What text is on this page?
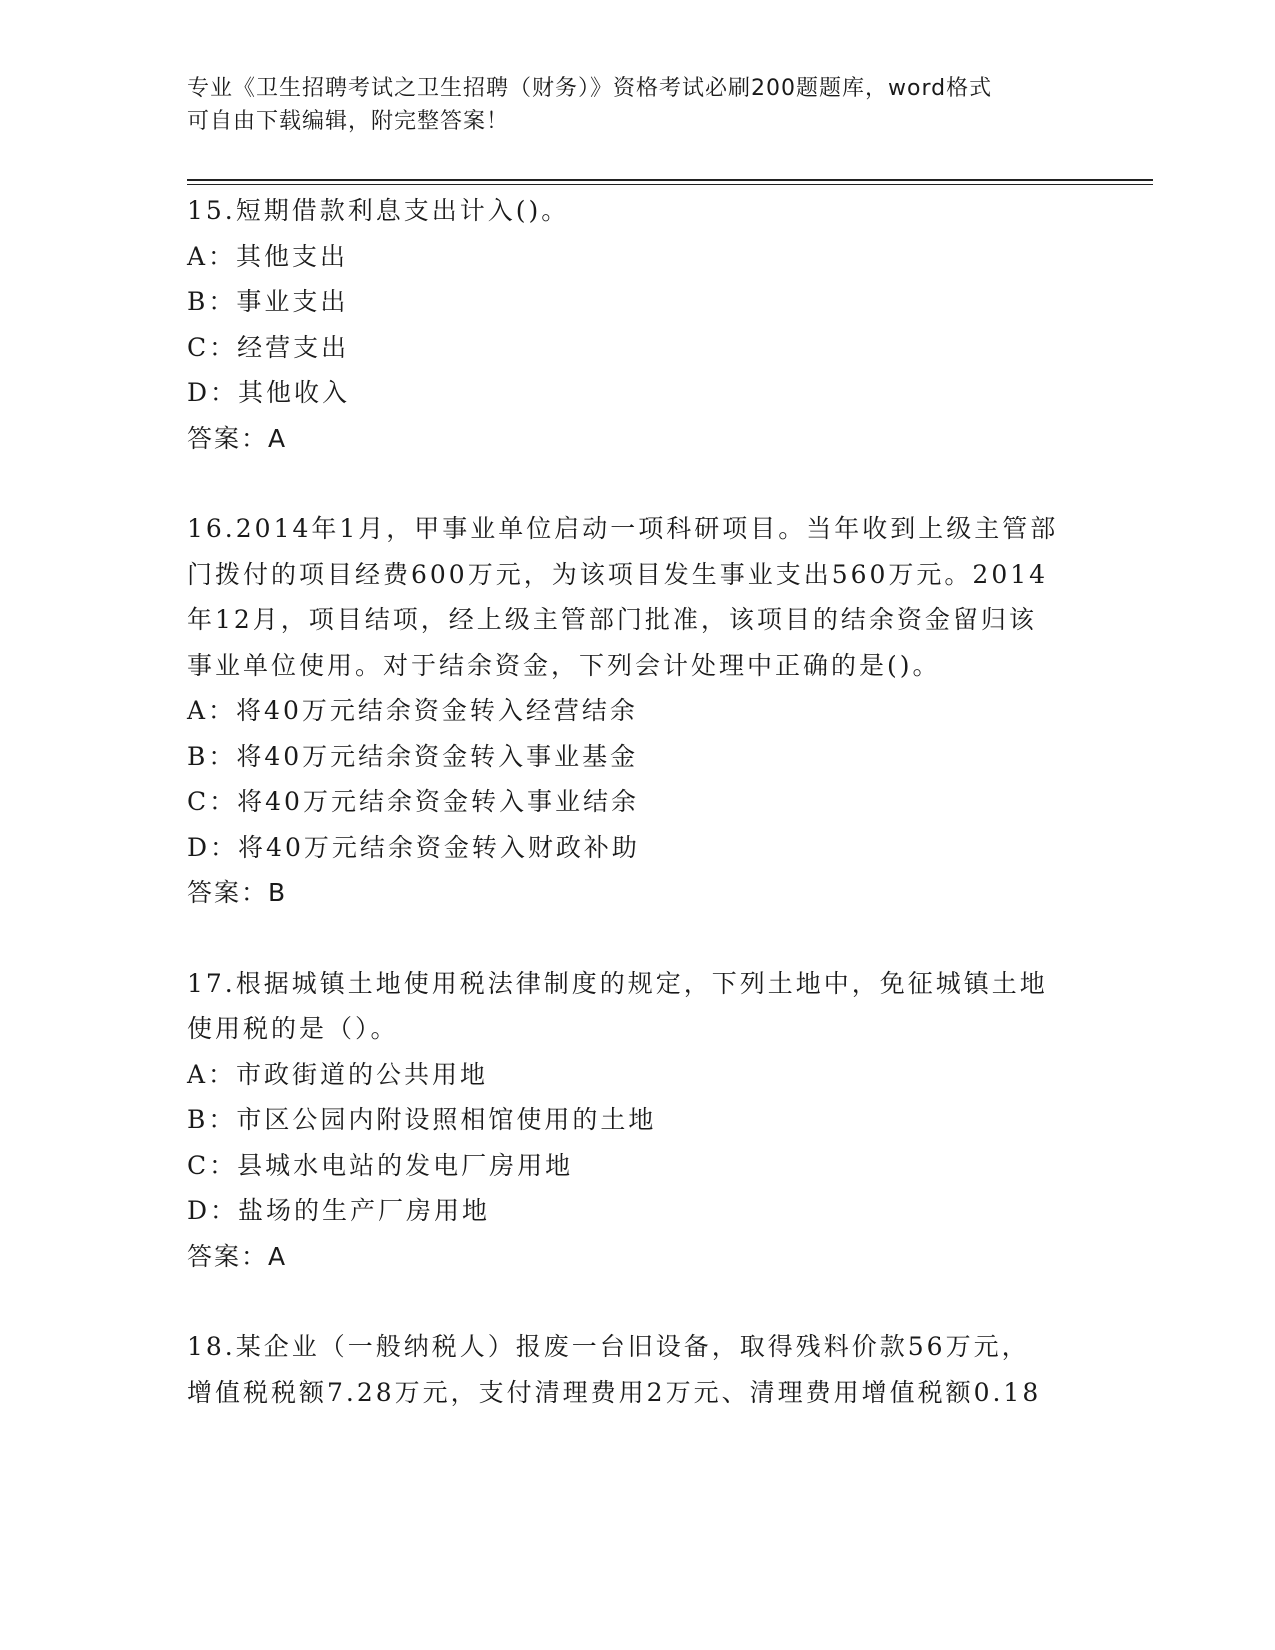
专业《卫生招聘考试之卫生招聘（财务）》资格考试必刷200题题库，word格式
可自由下载编辑，附完整答案！
15.短期借款利息支出计入()。
A：其他支出
B：事业支出
C：经营支出
D：其他收入
答案：A
16.2014年1月，甲事业单位启动一项科研项目。当年收到上级主管部
门拨付的项目经费600万元，为该项目发生事业支出560万元。2014
年12月，项目结项，经上级主管部门批准，该项目的结余资金留归该
事业单位使用。对于结余资金，下列会计处理中正确的是()。
A：将40万元结余资金转入经营结余
B：将40万元结余资金转入事业基金
C：将40万元结余资金转入事业结余
D：将40万元结余资金转入财政补助
答案：B
17.根据城镇土地使用税法律制度的规定，下列土地中，免征城镇土地
使用税的是（）。
A：市政街道的公共用地
B：市区公园内附设照相馆使用的土地
C：县城水电站的发电厂房用地
D：盐场的生产厂房用地
答案：A
18.某企业（一般纳税人）报废一台旧设备，取得残料价款56万元，
增值税税额7.28万元，支付清理费用2万元、清理费用增值税额0.18
